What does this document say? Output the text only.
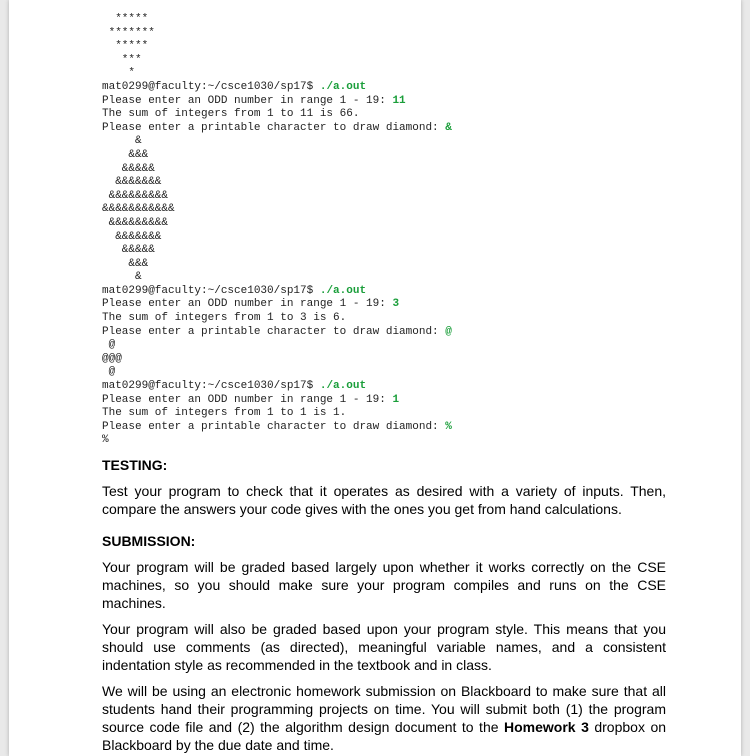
*****
*******
*****
***
*
mat0299@faculty:~/csce1030/sp17$ ./a.out
Please enter an ODD number in range 1 - 19: 11
The sum of integers from 1 to 11 is 66.
Please enter a printable character to draw diamond: &
&
&&&
&&&&&
&&&&&&&
&&&&&&&&&
&&&&&&&&&&&
&&&&&&&&&
&&&&&&&
&&&&&
&&&
&
mat0299@faculty:~/csce1030/sp17$ ./a.out
Please enter an ODD number in range 1 - 19: 3
The sum of integers from 1 to 3 is 6.
Please enter a printable character to draw diamond: @
@
@@@
@
mat0299@faculty:~/csce1030/sp17$ ./a.out
Please enter an ODD number in range 1 - 19: 1
The sum of integers from 1 to 1 is 1.
Please enter a printable character to draw diamond: %
%
TESTING:

Test your program to check that it operates as desired with a variety of inputs. Then, compare the answers your code gives with the ones you get from hand calculations.

SUBMISSION:

Your program will be graded based largely upon whether it works correctly on the CSE machines, so you should make sure your program compiles and runs on the CSE machines.

Your program will also be graded based upon your program style. This means that you should use comments (as directed), meaningful variable names, and a consistent indentation style as recommended in the textbook and in class.

We will be using an electronic homework submission on Blackboard to make sure that all students hand their programming projects on time. You will submit both (1) the program source code file and (2) the algorithm design document to the Homework 3 dropbox on Blackboard by the due date and time.
